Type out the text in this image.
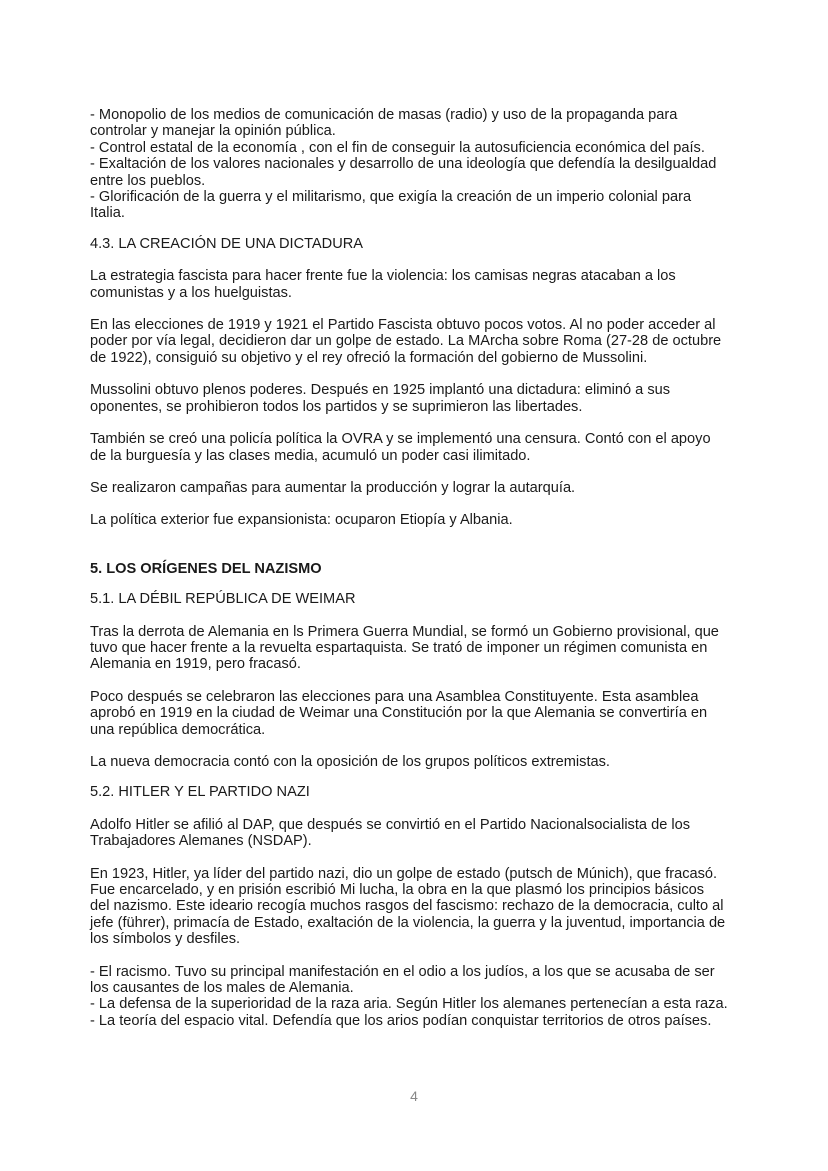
- Monopolio de los medios de comunicación de masas (radio) y uso de la propaganda para
controlar y manejar la opinión pública.
- Control estatal de la economía , con el fin de conseguir la autosuficiencia económica del país.
- Exaltación de los valores nacionales y desarrollo de una ideología que defendía la desilgualdad
entre los pueblos.
- Glorificación de la guerra y el militarismo, que exigía la creación de un imperio colonial para
Italia.
4.3. LA CREACIÓN DE UNA DICTADURA
La estrategia fascista para hacer frente fue la violencia: los camisas negras atacaban a los
comunistas y a los huelguistas.
En las elecciones de 1919 y 1921 el Partido Fascista obtuvo pocos votos. Al no poder acceder al
poder por vía legal, decidieron dar un golpe de estado. La MArcha sobre Roma (27-28 de octubre
de 1922), consiguió su objetivo y el rey ofreció la formación del gobierno de Mussolini.
Mussolini obtuvo plenos poderes. Después en 1925 implantó una dictadura: eliminó a sus
oponentes, se prohibieron todos los partidos y se suprimieron las libertades.
También se creó una policía política la OVRA y se implementó una censura. Contó con el apoyo
de la burguesía y las clases media, acumuló un poder casi ilimitado.
Se realizaron campañas para aumentar la producción y lograr la autarquía.
La política exterior fue expansionista: ocuparon Etiopía y Albania.
5. LOS ORÍGENES DEL NAZISMO
5.1. LA DÉBIL REPÚBLICA DE WEIMAR
Tras la derrota de Alemania en ls Primera Guerra Mundial, se formó un Gobierno provisional, que
tuvo que hacer frente a la revuelta espartaquista. Se trató de imponer un régimen comunista en
Alemania en 1919, pero fracasó.
Poco después se celebraron las elecciones para una Asamblea Constituyente. Esta asamblea
aprobó en 1919 en la ciudad de Weimar una Constitución por la que Alemania se convertiría en
una república democrática.
La nueva democracia contó con la oposición de los grupos políticos extremistas.
5.2. HITLER Y EL PARTIDO NAZI
Adolfo Hitler se afilió al DAP, que después se convirtió en el Partido Nacionalsocialista de los
Trabajadores Alemanes (NSDAP).
En 1923, Hitler, ya líder del partido nazi, dio un golpe de estado (putsch de Múnich), que fracasó.
Fue encarcelado, y en prisión escribió Mi lucha, la obra en la que plasmó los principios básicos
del nazismo. Este ideario recogía muchos rasgos del fascismo: rechazo de la democracia, culto al
jefe (führer), primacía de Estado, exaltación de la violencia, la guerra y la juventud, importancia de
los símbolos y desfiles.
- El racismo. Tuvo su principal manifestación en el odio a los judíos, a los que se acusaba de ser
los causantes de los males de Alemania.
- La defensa de la superioridad de la raza aria. Según Hitler los alemanes pertenecían a esta raza.
- La teoría del espacio vital. Defendía que los arios podían conquistar territorios de otros países.
4
